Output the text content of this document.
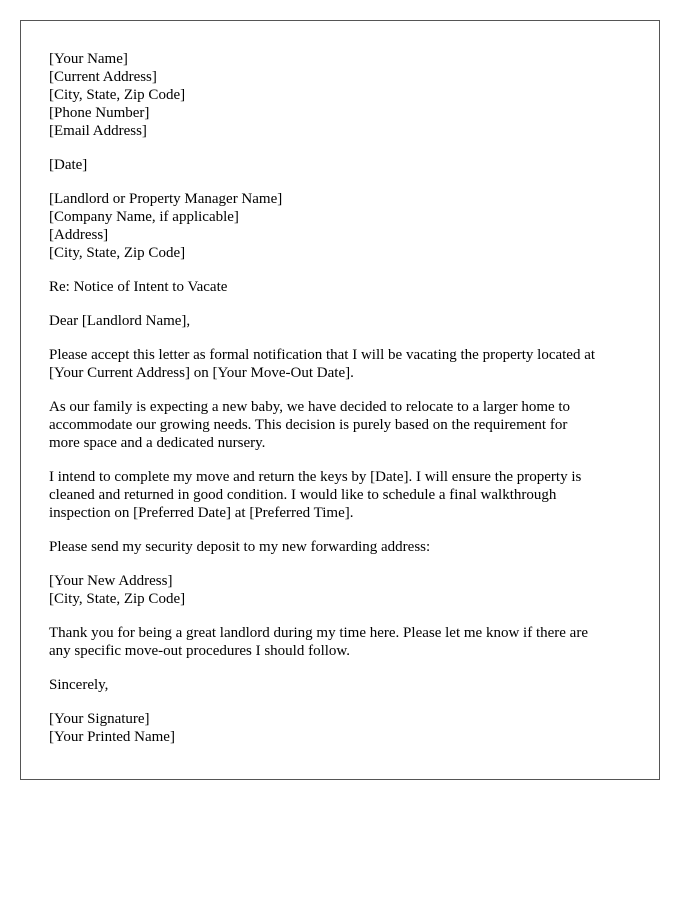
[Your Name]
[Current Address]
[City, State, Zip Code]
[Phone Number]
[Email Address]
[Date]
[Landlord or Property Manager Name]
[Company Name, if applicable]
[Address]
[City, State, Zip Code]
Re: Notice of Intent to Vacate
Dear [Landlord Name],
Please accept this letter as formal notification that I will be vacating the property located at
[Your Current Address] on [Your Move-Out Date].
As our family is expecting a new baby, we have decided to relocate to a larger home to
accommodate our growing needs. This decision is purely based on the requirement for
more space and a dedicated nursery.
I intend to complete my move and return the keys by [Date]. I will ensure the property is
cleaned and returned in good condition. I would like to schedule a final walkthrough
inspection on [Preferred Date] at [Preferred Time].
Please send my security deposit to my new forwarding address:
[Your New Address]
[City, State, Zip Code]
Thank you for being a great landlord during my time here. Please let me know if there are
any specific move-out procedures I should follow.
Sincerely,
[Your Signature]
[Your Printed Name]
